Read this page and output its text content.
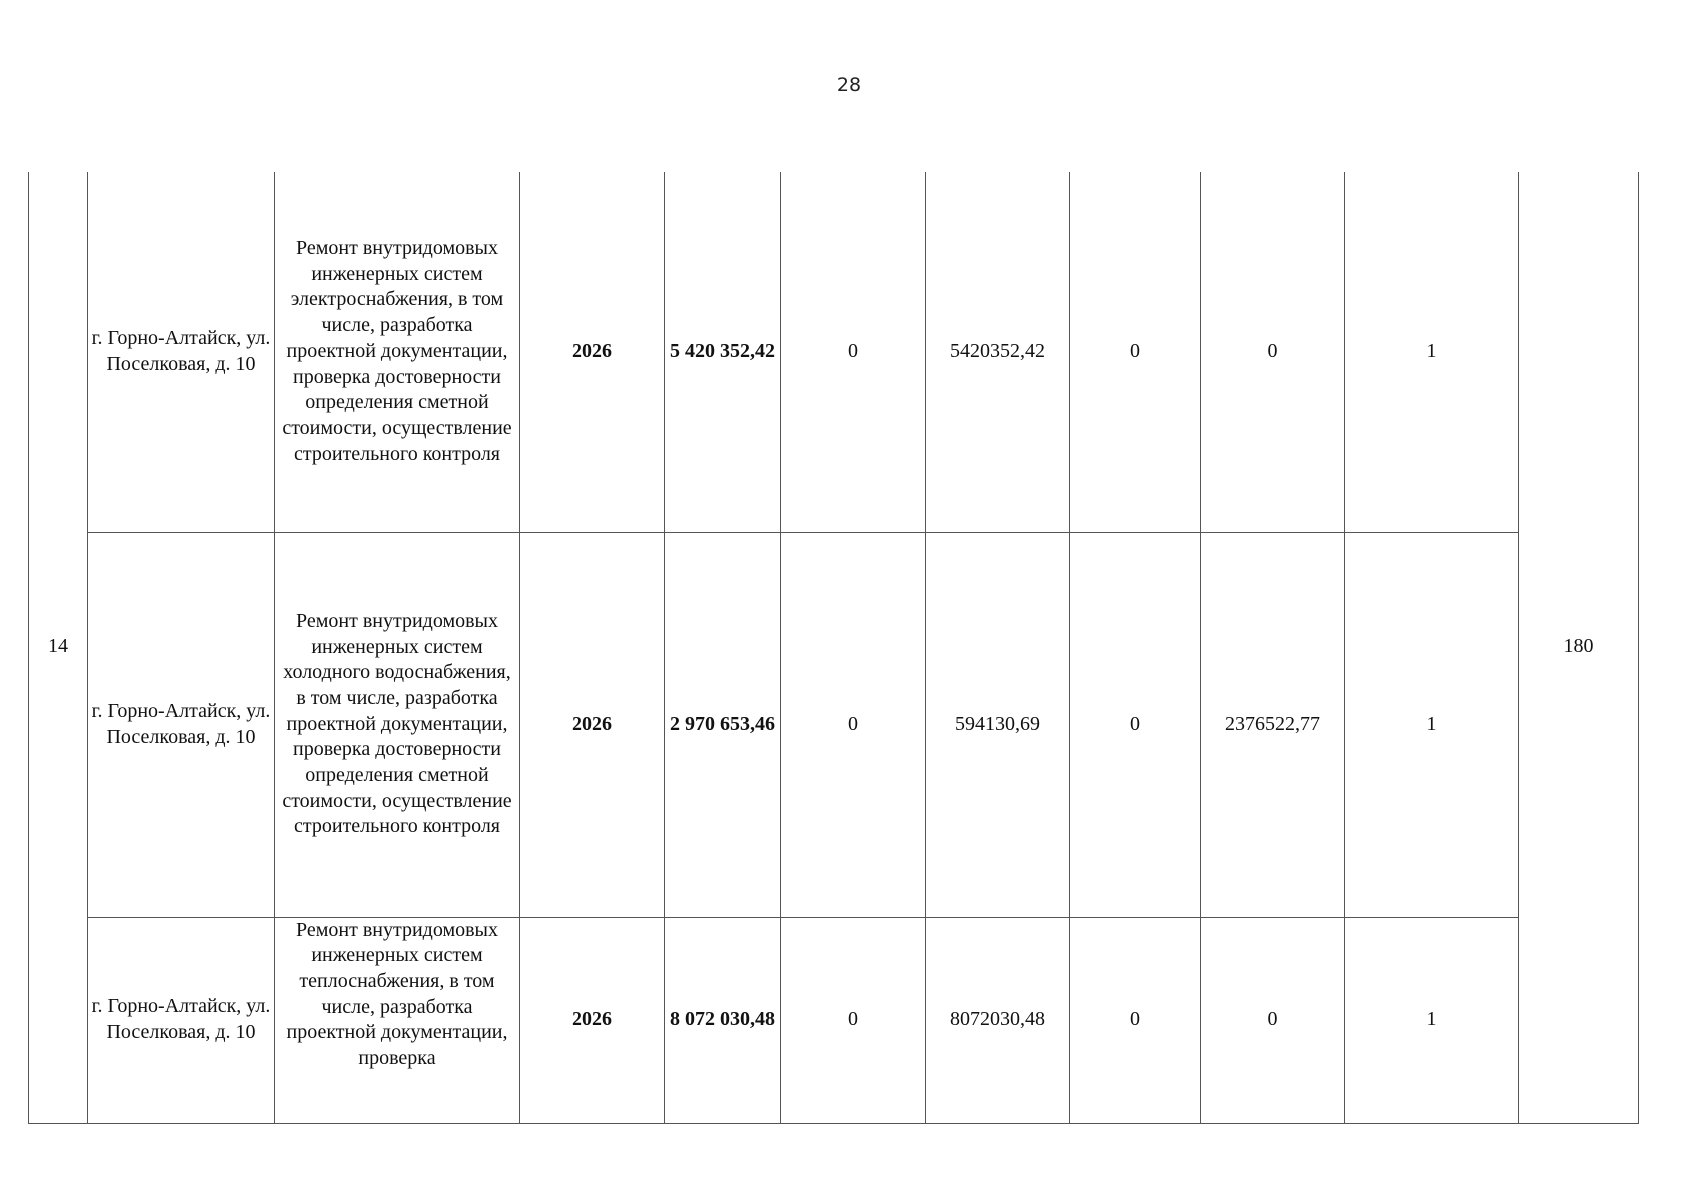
28
14	г. Горно-Алтайск, ул. Поселковая, д. 10	Ремонт внутридомовых инженерных систем электроснабжения, в том числе, разработка проектной документации, проверка достоверности определения сметной стоимости, осуществление строительного контроля	2026	5 420 352,42	0	5420352,42	0	0	1	180
	г. Горно-Алтайск, ул. Поселковая, д. 10	Ремонт внутридомовых инженерных систем холодного водоснабжения, в том числе, разработка проектной документации, проверка достоверности определения сметной стоимости, осуществление строительного контроля	2026	2 970 653,46	0	594130,69	0	2376522,77	1	
	г. Горно-Алтайск, ул. Поселковая, д. 10	Ремонт внутридомовых инженерных систем теплоснабжения, в том числе, разработка проектной документации, проверка	2026	8 072 030,48	0	8072030,48	0	0	1	
